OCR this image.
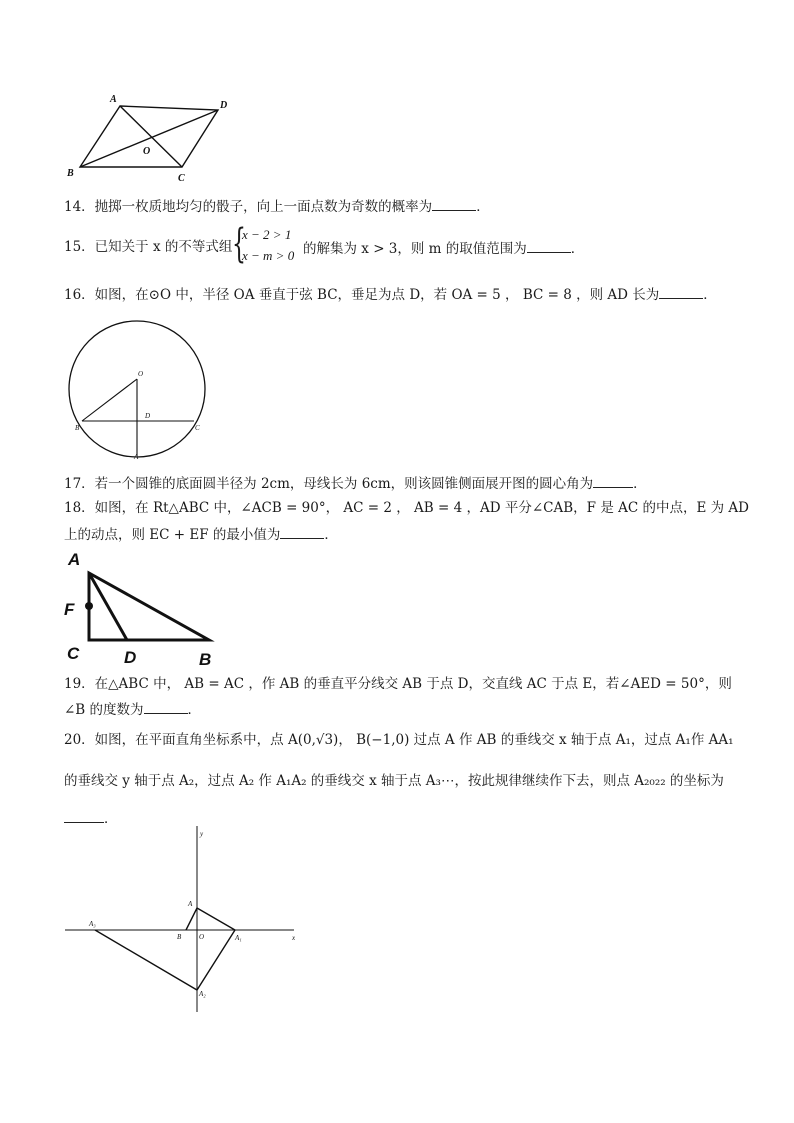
A
D
O
B	C
14．抛掷一枚质地均匀的骰子，向上一面点数为奇数的概率为	．
15．已知关于 x 的不等式组 {
x − 2 > 1
x − m > 0 的解集为 x > 3，则 m 的取值范围为	．
16．如图，在⊙O 中，半径 OA 垂直于弦 BC，垂足为点 D，若 OA = 5 ， BC = 8 ，则 AD 长为	．
O
D
B	C
A
17．若一个圆锥的底面圆半径为 2cm，母线长为 6cm，则该圆锥侧面展开图的圆心角为	．
18．如图，在 Rt△ABC 中，∠ACB = 90°， AC = 2 ， AB = 4 ，AD 平分∠CAB，F 是 AC 的中点，E 为 AD
上的动点，则 EC + EF 的最小值为	．
A
F
C	D	B
19．在△ABC 中， AB = AC ，作 AB 的垂直平分线交 AB 于点 D，交直线 AC 于点 E，若∠AED = 50°，则
∠B 的度数为	．
20．如图，在平面直角坐标系中，点 A(0,√3)， B(−1,0) 过点 A 作 AB 的垂线交 x 轴于点 A₁，过点 A₁作 AA₁
的垂线交 y 轴于点 A₂，过点 A₂ 作 A₁A₂ 的垂线交 x 轴于点 A₃⋯，按此规律继续作下去，则点 A₂₀₂₂ 的坐标为
．
y
x
A
B	O	A₁
A₂
A₃
